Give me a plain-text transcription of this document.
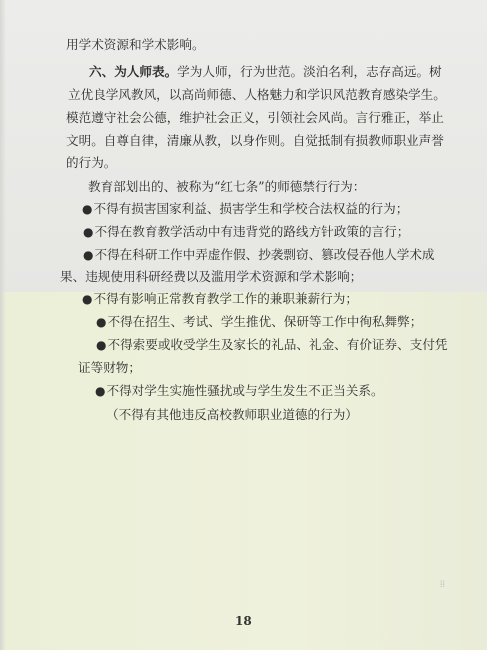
用学术资源和学术影响。
六、为人师表。学为人师，行为世范。淡泊名利，志存高远。树
立优良学风教风，以高尚师德、人格魅力和学识风范教育感染学生。
模范遵守社会公德，维护社会正义，引领社会风尚。言行雅正，举止
文明。自尊自律，清廉从教，以身作则。自觉抵制有损教师职业声誉
的行为。
教育部划出的、被称为“红七条”的师德禁行行为：
●不得有损害国家利益、损害学生和学校合法权益的行为；
●不得在教育教学活动中有违背党的路线方针政策的言行；
●不得在科研工作中弄虚作假、抄袭剽窃、篡改侵吞他人学术成
果、违规使用科研经费以及滥用学术资源和学术影响；
●不得有影响正常教育教学工作的兼职兼薪行为；
●不得在招生、考试、学生推优、保研等工作中徇私舞弊；
●不得索要或收受学生及家长的礼品、礼金、有价证券、支付凭
证等财物；
●不得对学生实施性骚扰或与学生发生不正当关系。
（不得有其他违反高校教师职业道德的行为）
⁞⁞
18
